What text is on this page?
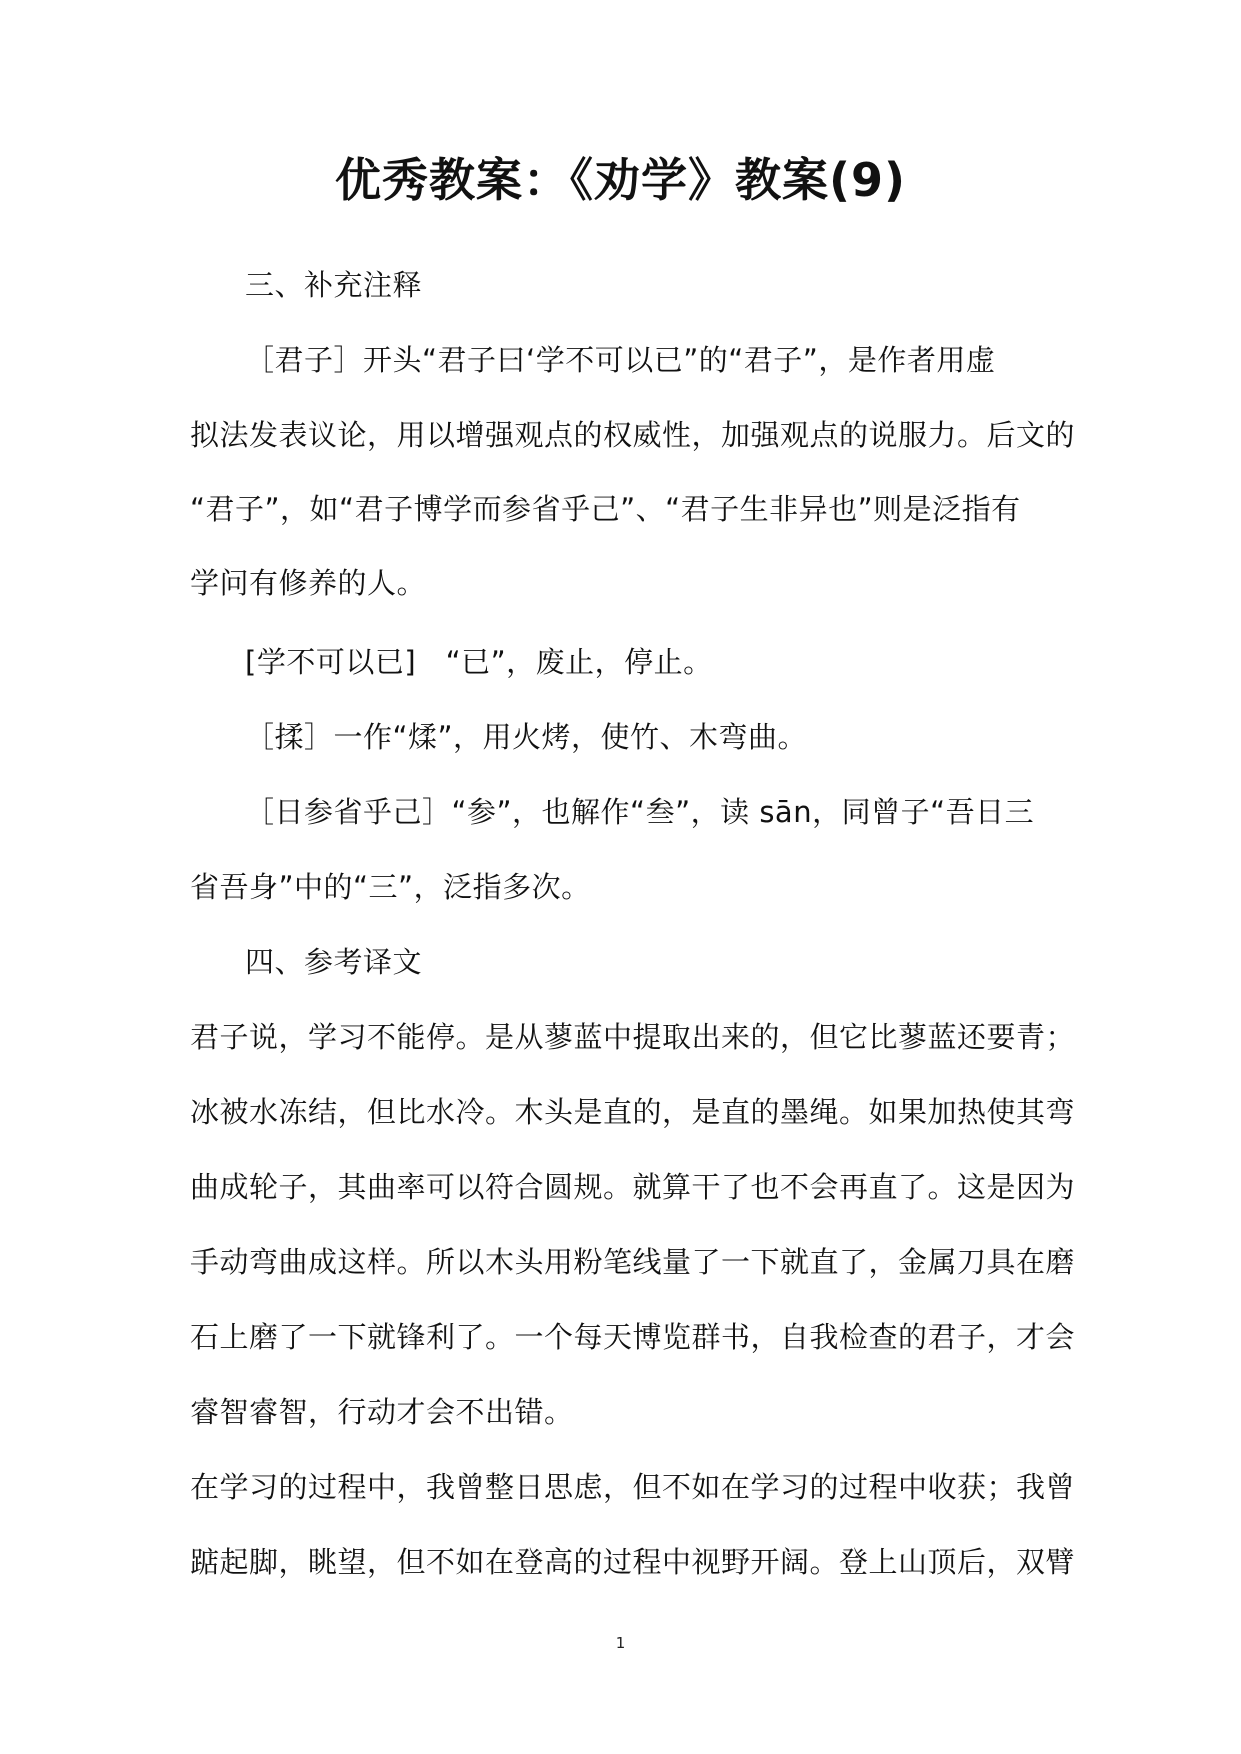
优秀教案：《劝学》教案(9)
三、补充注释
［君子］开头“君子曰‘学不可以已”的“君子”，是作者用虚
拟法发表议论，用以增强观点的权威性，加强观点的说服力。后文的
“君子”，如“君子博学而参省乎己”、“君子生非异也”则是泛指有
学问有修养的人。
[学不可以已]　“已”，废止，停止。
［揉］一作“煣”，用火烤，使竹、木弯曲。
［日参省乎己］“参”，也解作“叁”，读 sān，同曾子“吾日三
省吾身”中的“三”，泛指多次。
四、参考译文
君子说，学习不能停。是从蓼蓝中提取出来的，但它比蓼蓝还要青；
冰被水冻结，但比水冷。木头是直的，是直的墨绳。如果加热使其弯
曲成轮子，其曲率可以符合圆规。就算干了也不会再直了。这是因为
手动弯曲成这样。所以木头用粉笔线量了一下就直了，金属刀具在磨
石上磨了一下就锋利了。一个每天博览群书，自我检查的君子，才会
睿智睿智，行动才会不出错。
在学习的过程中，我曾整日思虑，但不如在学习的过程中收获；我曾
踮起脚，眺望，但不如在登高的过程中视野开阔。登上山顶后，双臂
1
